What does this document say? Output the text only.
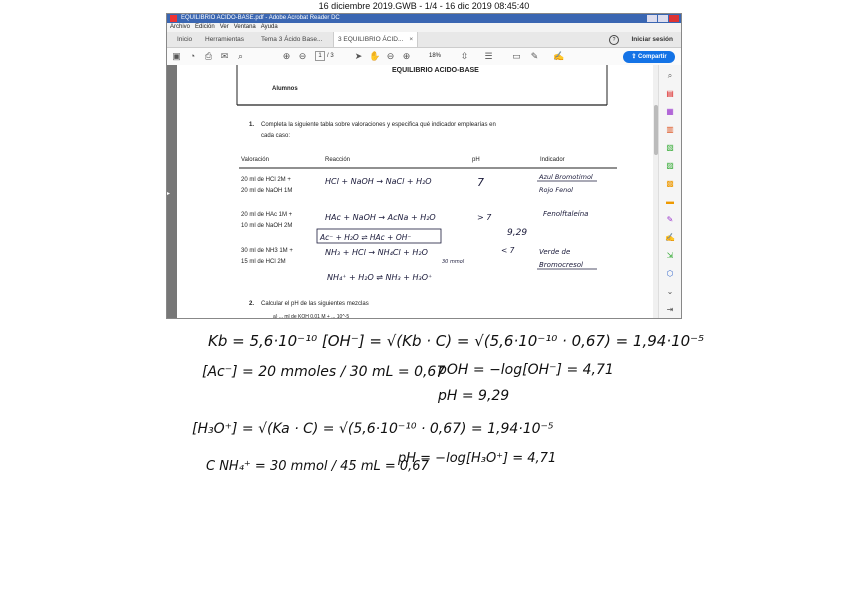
16 diciembre 2019.GWB - 1/4 - 16 dic 2019 08:45:40
EQUILIBRIO ACIDO-BASE.pdf - Adobe Acrobat Reader DC
Archivo Edición Ver Ventana Ayuda
Inicio	Herramientas	Tema 3 Ácido Base...	3 EQUILIBRIO ÁCID... ×	?	Iniciar sesión
▣	◔	⎙ ✉	⌕	⊕ ⊖	1 / 3 ➤ ✋ ⊖ ⊕	18% ⇳ ☰ ▭ ✎ ✍	⇪ Compartir
▸
EQUILIBRIO ACIDO-BASE
Alumnos
1. Completa la siguiente tabla sobre valoraciones y especifica qué indicador emplearías en
cada caso:
Valoración	Reacción	pH	Indicador
20 ml de HCl 2M +
20 ml de NaOH 1M
20 ml de HAc 1M +
10 ml de NaOH 2M
30 ml de NH3 1M +
15 ml de HCl 2M
HCl + NaOH → NaCl + H₂O	7	Azul Bromotimol
Rojo Fenol
HAc + NaOH → AcNa + H₂O	> 7
9,29
Fenolftaleína
Ac⁻ + H₂O ⇌ HAc + OH⁻
NH₃ + HCl → NH₄Cl + H₂O
30 mmol
< 7	Verde de
Bromocresol
NH₄⁺ + H₂O ⇌ NH₃ + H₃O⁺
2. Calcular el pH de las siguientes mezclas
a) ... ml de KOH 0.01 M + ... 10^-5
⌕
▤
▦
▥
▧
▨
▩
▬
✎
✍
⇲
⬡
⌄
⇥
Kb = 5,6·10⁻¹⁰ [OH⁻] = √(Kb · C) = √(5,6·10⁻¹⁰ · 0,67) = 1,94·10⁻⁵
[Ac⁻] = 20 mmoles / 30 mL = 0,67
pOH = −log[OH⁻] = 4,71
pH = 9,29
[H₃O⁺] = √(Ka · C) = √(5,6·10⁻¹⁰ · 0,67) = 1,94·10⁻⁵
pH = −log[H₃O⁺] = 4,71
C NH₄⁺ = 30 mmol / 45 mL = 0,67
